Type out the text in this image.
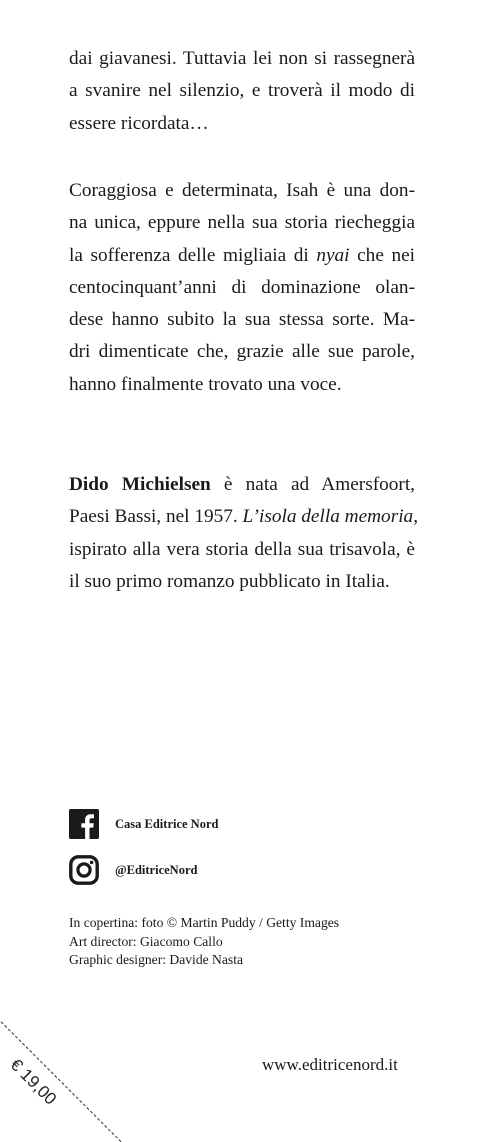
dai giavanesi. Tuttavia lei non si rassegnerà
a svanire nel silenzio, e troverà il modo di
essere ricordata…
Coraggiosa e determinata, Isah è una don-
na unica, eppure nella sua storia riecheggia
la sofferenza delle migliaia di nyai che nei
centocinquant’anni di dominazione olan-
dese hanno subito la sua stessa sorte. Ma-
dri dimenticate che, grazie alle sue parole,
hanno finalmente trovato una voce.
Dido Michielsen è nata ad Amersfoort,
Paesi Bassi, nel 1957. L’isola della memoria,
ispirato alla vera storia della sua trisavola, è
il suo primo romanzo pubblicato in Italia.
Casa Editrice Nord
@EditriceNord
In copertina: foto © Martin Puddy / Getty Images
Art director: Giacomo Callo
Graphic designer: Davide Nasta
€ 19,00	www.editricenord.it
